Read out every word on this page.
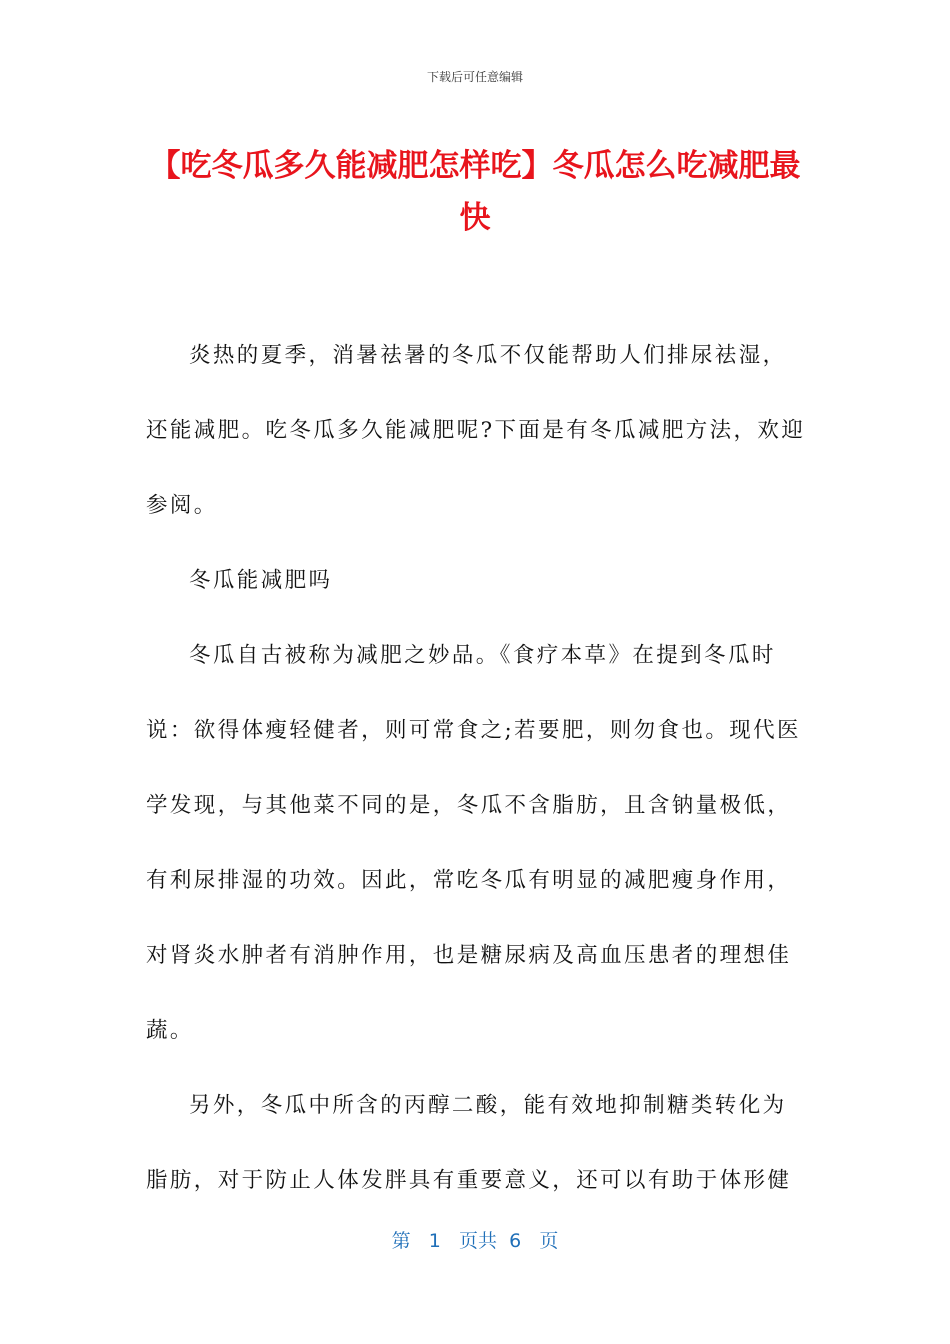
下载后可任意编辑
【吃冬瓜多久能减肥怎样吃】冬瓜怎么吃减肥最快

炎热的夏季，消暑祛暑的冬瓜不仅能帮助人们排尿祛湿，还能减肥。吃冬瓜多久能减肥呢?下面是有冬瓜减肥方法，欢迎参阅。

冬瓜能减肥吗

冬瓜自古被称为减肥之妙品。《食疗本草》在提到冬瓜时说：欲得体瘦轻健者，则可常食之;若要肥，则勿食也。现代医学发现，与其他菜不同的是，冬瓜不含脂肪，且含钠量极低，有利尿排湿的功效。因此，常吃冬瓜有明显的减肥瘦身作用，对肾炎水肿者有消肿作用，也是糖尿病及高血压患者的理想佳蔬。

另外，冬瓜中所含的丙醇二酸，能有效地抑制糖类转化为脂肪，对于防止人体发胖具有重要意义，还可以有助于体形健

第 1 页共 6 页
